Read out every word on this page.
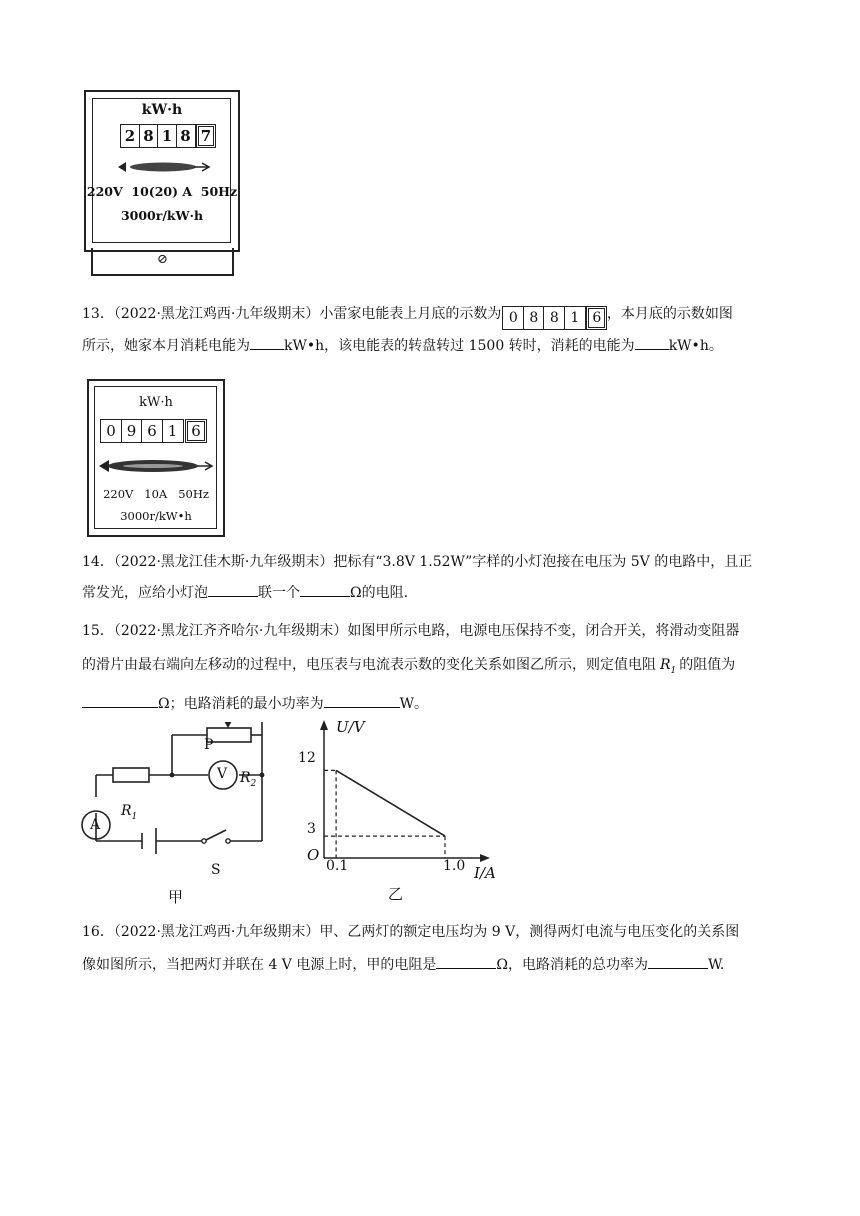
kW·h
2 8 1 8 7
220V  10(20) A  50Hz
3000r/kW·h
⊘
13．（2022·黑龙江鸡西·九年级期末）小雷家电能表上月底的示数为 0 8 8 1 6 ，本月底的示数如图
所示，她家本月消耗电能为 kW•h，该电能表的转盘转过 1500 转时，消耗的电能为 kW•h。
kW·h
0 9 6 1 6
220V   10A   50Hz
3000r/kW•h
14．（2022·黑龙江佳木斯·九年级期末）把标有“3.8V 1.52W”字样的小灯泡接在电压为 5V 的电路中，且正
常发光，应给小灯泡	联一个	Ω的电阻.
15．（2022·黑龙江齐齐哈尔·九年级期末）如图甲所示电路，电源电压保持不变，闭合开关，将滑动变阻器
的滑片由最右端向左移动的过程中，电压表与电流表示数的变化关系如图乙所示，则定值电阻 $R_1$ 的阻值为
Ω；电路消耗的最小功率为	W。
P
$R_2$
V
$R_1$
A
S
甲
U/V
I/A
O
12
3
0.1	1.0
乙
16．（2022·黑龙江鸡西·九年级期末）甲、乙两灯的额定电压均为 9 V，测得两灯电流与电压变化的关系图
像如图所示，当把两灯并联在 4 V 电源上时，甲的电阻是	Ω，电路消耗的总功率为	W.
